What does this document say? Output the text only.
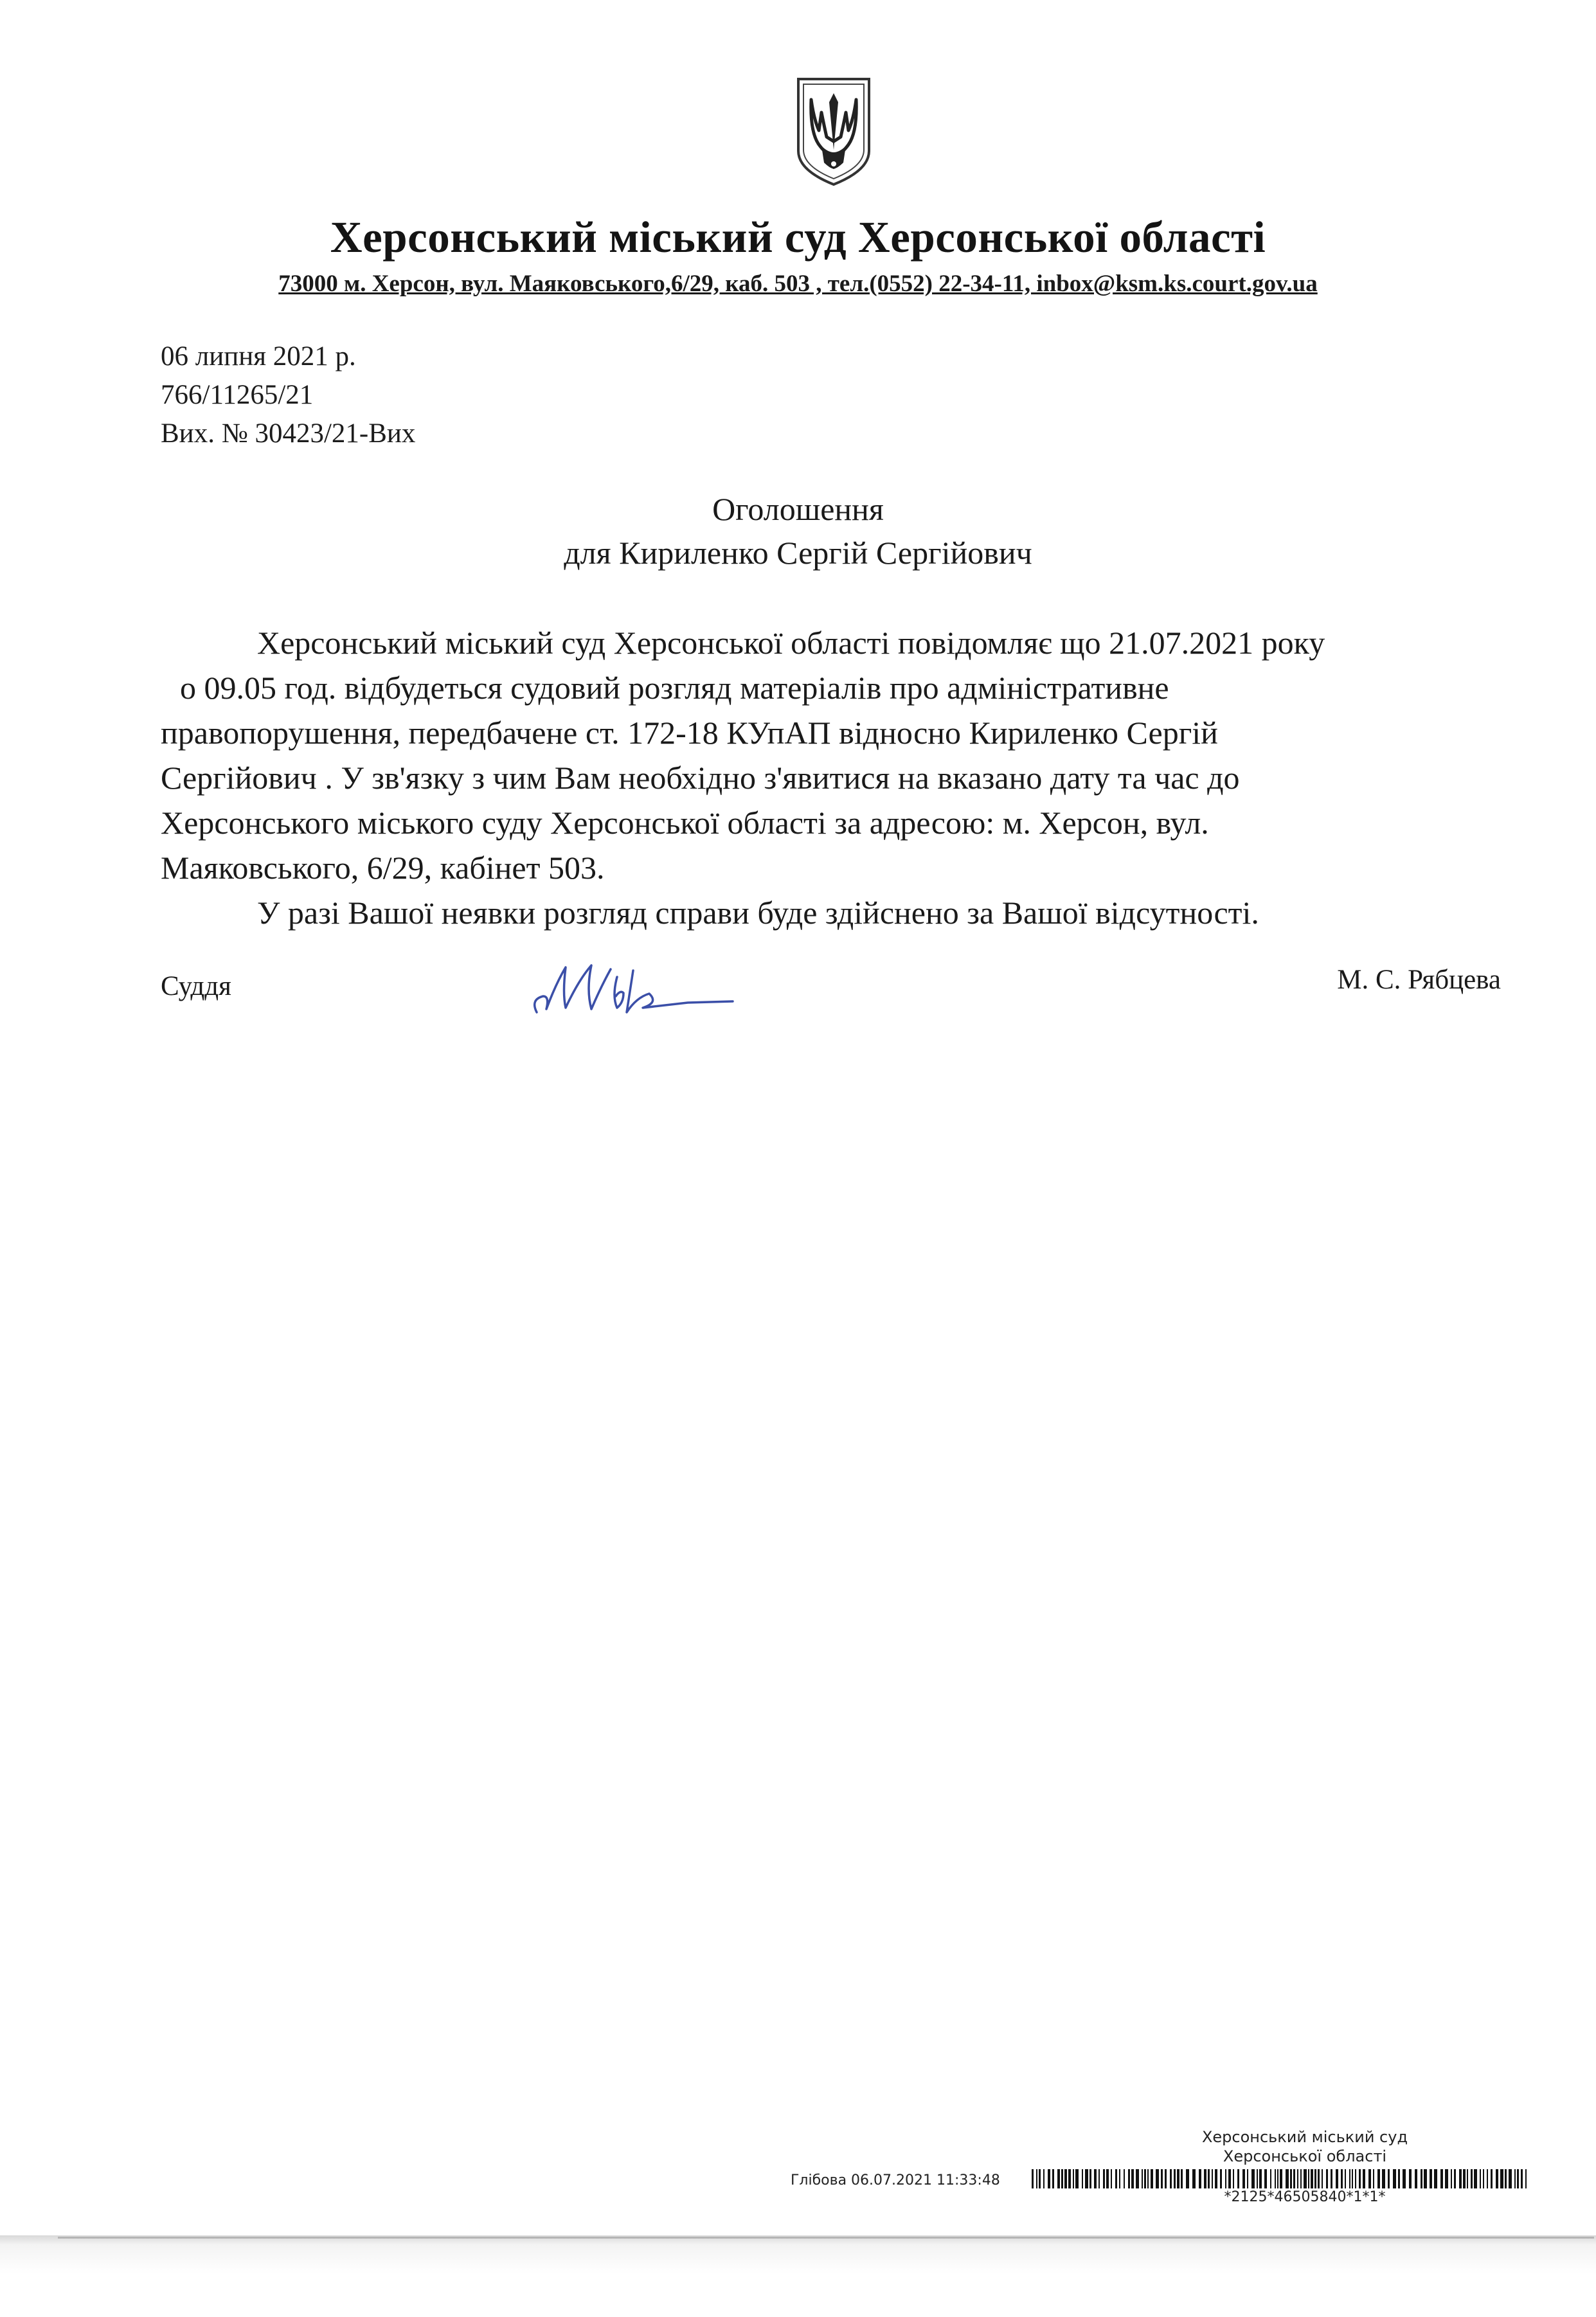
Херсонський міський суд Херсонської області
73000 м. Херсон, вул. Маяковського,6/29, каб. 503 , тел.(0552) 22-34-11, inbox@ksm.ks.court.gov.ua
06 липня 2021 р.
766/11265/21
Вих. № 30423/21-Вих
Оголошення
для Кириленко Сергій Сергійович
Херсонський міський суд Херсонської області повідомляє що 21.07.2021 року
о 09.05 год. відбудеться судовий розгляд матеріалів про адміністративне
правопорушення, передбачене ст. 172-18 КУпАП відносно Кириленко Сергій
Сергійович . У зв'язку з чим Вам необхідно з'явитися на вказано дату та час до
Херсонського міського суду Херсонської області за адресою: м. Херсон, вул.
Маяковського, 6/29, кабінет 503.
У разі Вашої неявки розгляд справи буде здійснено за Вашої відсутності.
Суддя	М. С. Рябцева
Херсонський міський суд
Херсонської області
Глібова 06.07.2021 11:33:48
*2125*46505840*1*1*
